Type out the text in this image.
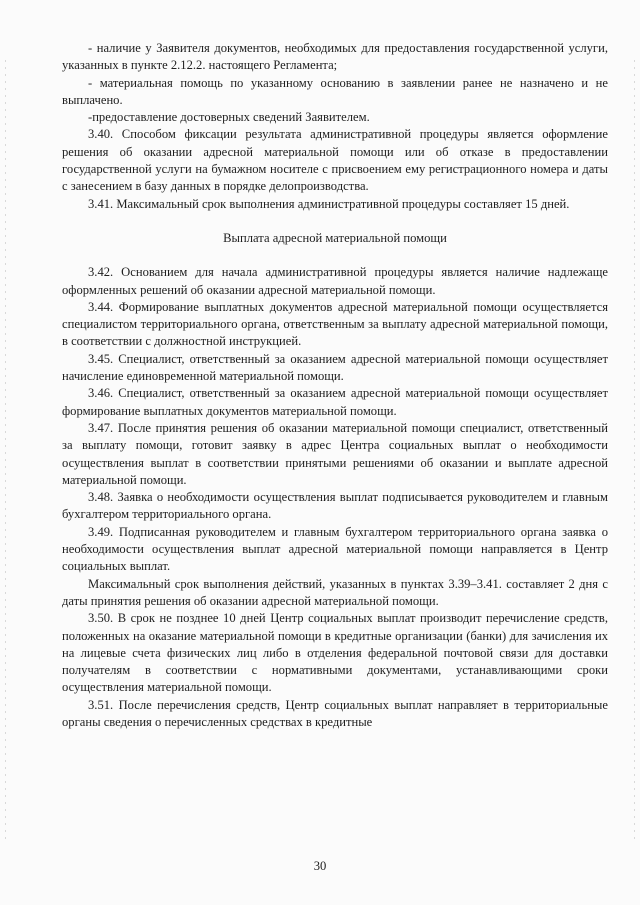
- наличие у Заявителя документов, необходимых для предоставления государственной услуги, указанных в пункте 2.12.2. настоящего Регламента;

- материальная помощь по указанному основанию в заявлении ранее не назначено и не выплачено.

-предоставление достоверных сведений Заявителем.

3.40. Способом фиксации результата административной процедуры является оформление решения об оказании адресной материальной помощи или об отказе в предоставлении государственной услуги на бумажном носителе с присвоением ему регистрационного номера и даты с занесением в базу данных в порядке делопроизводства.

3.41. Максимальный срок выполнения административной процедуры составляет 15 дней.

Выплата адресной материальной помощи

3.42. Основанием для начала административной процедуры является наличие надлежаще оформленных решений об оказании адресной материальной помощи.

3.44. Формирование выплатных документов адресной материальной помощи осуществляется специалистом территориального органа, ответственным за выплату адресной материальной помощи, в соответствии с должностной инструкцией.

3.45. Специалист, ответственный за оказанием адресной материальной помощи осуществляет начисление единовременной материальной помощи.

3.46. Специалист, ответственный за оказанием адресной материальной помощи осуществляет формирование выплатных документов материальной помощи.

3.47. После принятия решения об оказании материальной помощи специалист, ответственный за выплату помощи, готовит заявку в адрес Центра социальных выплат о необходимости осуществления выплат в соответствии принятыми решениями об оказании и выплате адресной материальной помощи.

3.48. Заявка о необходимости осуществления выплат подписывается руководителем и главным бухгалтером территориального органа.

3.49. Подписанная руководителем и главным бухгалтером территориального органа заявка о необходимости осуществления выплат адресной материальной помощи направляется в Центр социальных выплат.

Максимальный срок выполнения действий, указанных в пунктах 3.39–3.41. составляет 2 дня с даты принятия решения об оказании адресной материальной помощи.

3.50. В срок не позднее 10 дней Центр социальных выплат производит перечисление средств, положенных на оказание материальной помощи в кредитные организации (банки) для зачисления их на лицевые счета физических лиц либо в отделения федеральной почтовой связи для доставки получателям в соответствии с нормативными документами, устанавливающими сроки осуществления материальной помощи.

3.51. После перечисления средств, Центр социальных выплат направляет в территориальные органы сведения о перечисленных средствах в кредитные

30
